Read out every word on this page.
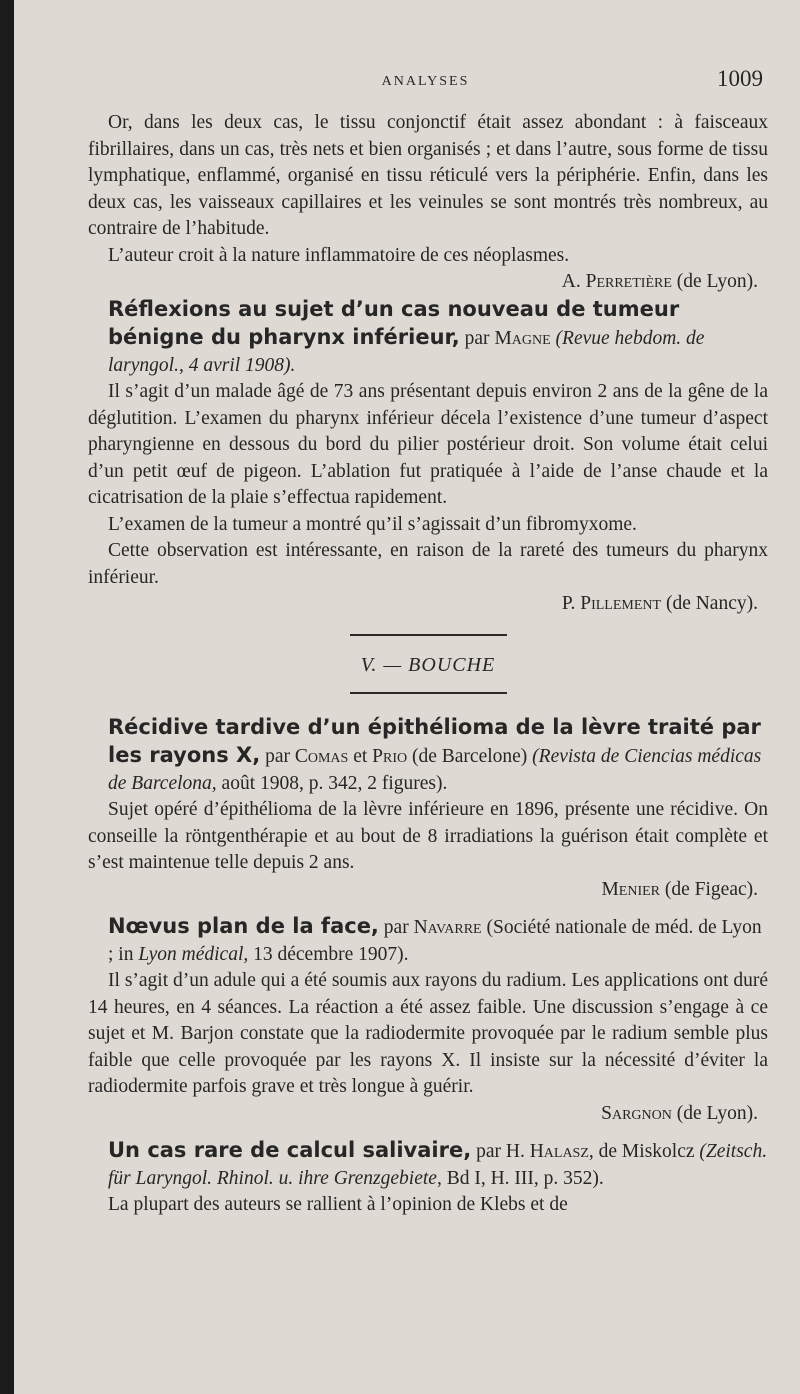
ANALYSES	1009

Or, dans les deux cas, le tissu conjonctif était assez abondant : à faisceaux fibrillaires, dans un cas, très nets et bien organisés ; et dans l’autre, sous forme de tissu lymphatique, enflammé, organisé en tissu réticulé vers la périphérie. Enfin, dans les deux cas, les vaisseaux capillaires et les veinules se sont montrés très nombreux, au contraire de l’habitude.

L’auteur croit à la nature inflammatoire de ces néoplasmes.

A. Perretière (de Lyon).

Réflexions au sujet d’un cas nouveau de tumeur bénigne du pharynx inférieur, par Magne (Revue hebdom. de laryngol., 4 avril 1908).

Il s’agit d’un malade âgé de 73 ans présentant depuis environ 2 ans de la gêne de la déglutition. L’examen du pharynx inférieur décela l’existence d’une tumeur d’aspect pharyngienne en dessous du bord du pilier postérieur droit. Son volume était celui d’un petit œuf de pigeon. L’ablation fut pratiquée à l’aide de l’anse chaude et la cicatrisation de la plaie s’effectua rapidement.

L’examen de la tumeur a montré qu’il s’agissait d’un fibromyxome.

Cette observation est intéressante, en raison de la rareté des tumeurs du pharynx inférieur.

P. Pillement (de Nancy).

V. — BOUCHE

Récidive tardive d’un épithélioma de la lèvre traité par les rayons X, par Comas et Prio (de Barcelone) (Revista de Ciencias médicas de Barcelona, août 1908, p. 342, 2 figures).

Sujet opéré d’épithélioma de la lèvre inférieure en 1896, présente une récidive. On conseille la röntgenthérapie et au bout de 8 irradiations la guérison était complète et s’est maintenue telle depuis 2 ans.

Menier (de Figeac).

Nœvus plan de la face, par Navarre (Société nationale de méd. de Lyon ; in Lyon médical, 13 décembre 1907).

Il s’agit d’un adule qui a été soumis aux rayons du radium. Les applications ont duré 14 heures, en 4 séances. La réaction a été assez faible. Une discussion s’engage à ce sujet et M. Barjon constate que la radiodermite provoquée par le radium semble plus faible que celle provoquée par les rayons X. Il insiste sur la nécessité d’éviter la radiodermite parfois grave et très longue à guérir.

Sargnon (de Lyon).

Un cas rare de calcul salivaire, par H. Halasz, de Miskolcz (Zeitsch. für Laryngol. Rhinol. u. ihre Grenzgebiete, Bd I, H. III, p. 352).

La plupart des auteurs se rallient à l’opinion de Klebs et de
